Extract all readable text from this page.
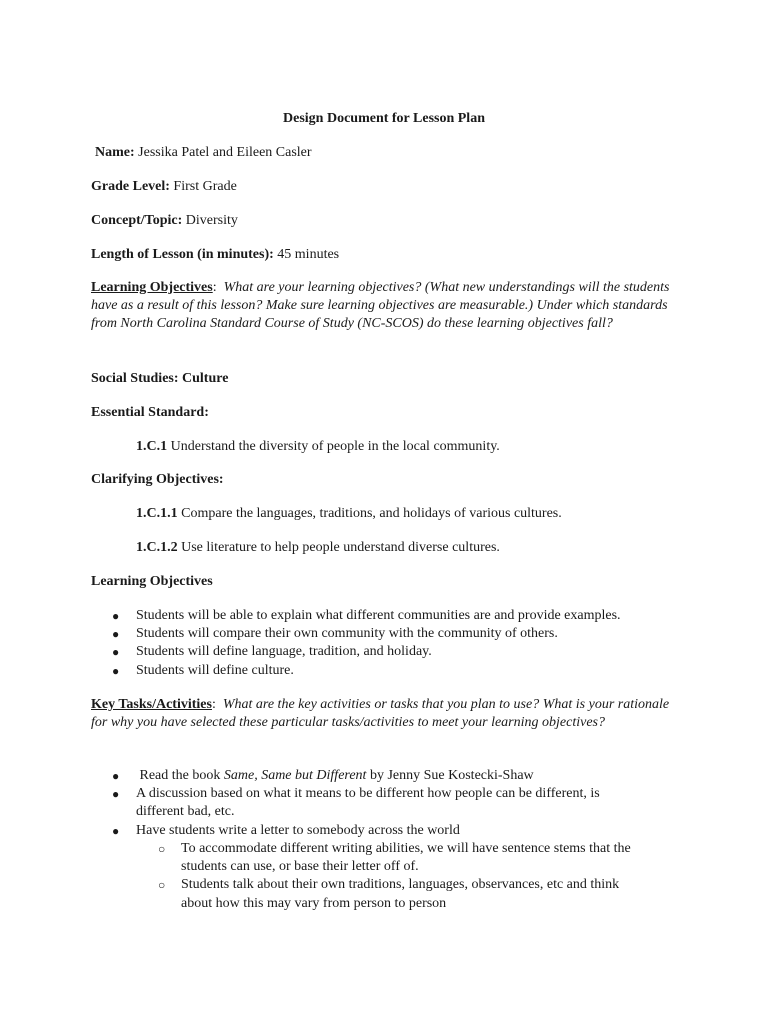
Design Document for Lesson Plan
Name: Jessika Patel and Eileen Casler
Grade Level: First Grade
Concept/Topic: Diversity
Length of Lesson (in minutes): 45 minutes
Learning Objectives:  What are your learning objectives? (What new understandings will the students have as a result of this lesson? Make sure learning objectives are measurable.) Under which standards from North Carolina Standard Course of Study (NC-SCOS) do these learning objectives fall?
Social Studies: Culture
Essential Standard:
1.C.1 Understand the diversity of people in the local community.
Clarifying Objectives:
1.C.1.1 Compare the languages, traditions, and holidays of various cultures.
1.C.1.2 Use literature to help people understand diverse cultures.
Learning Objectives
● Students will be able to explain what different communities are and provide examples.
● Students will compare their own community with the community of others.
● Students will define language, tradition, and holiday.
● Students will define culture.
Key Tasks/Activities:  What are the key activities or tasks that you plan to use? What is your rationale for why you have selected these particular tasks/activities to meet your learning objectives?
● Read the book Same, Same but Different by Jenny Sue Kostecki-Shaw
● A discussion based on what it means to be different how people can be different, is
different bad, etc.
● Have students write a letter to somebody across the world
○ To accommodate different writing abilities, we will have sentence stems that the
students can use, or base their letter off of.
○ Students talk about their own traditions, languages, observances, etc and think
about how this may vary from person to person
